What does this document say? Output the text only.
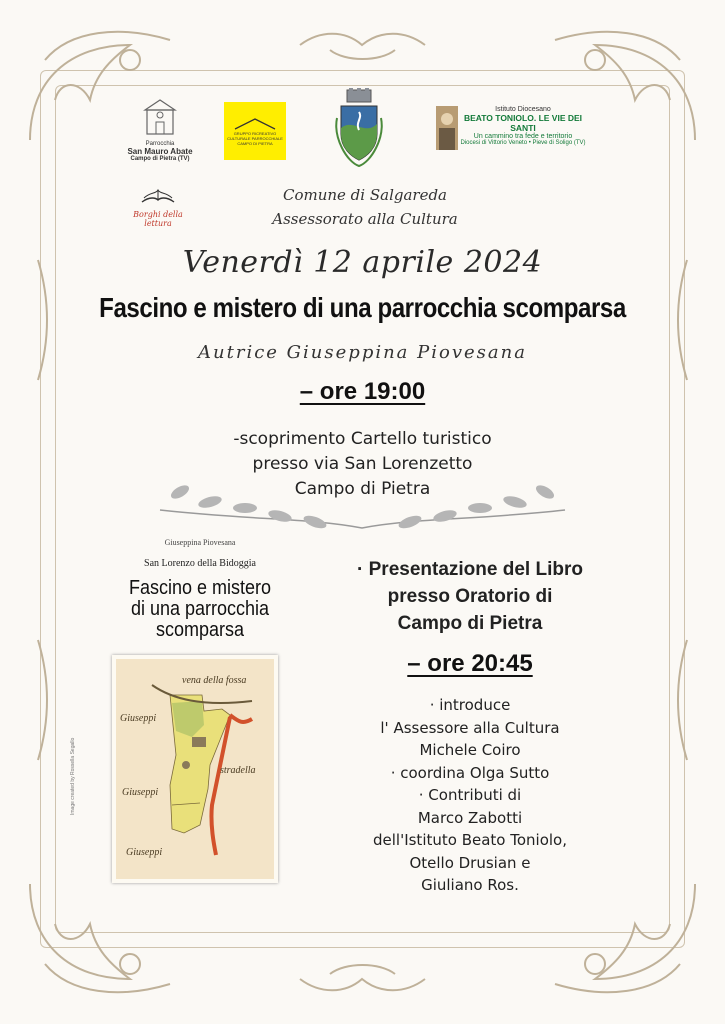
Parrocchia
San Mauro Abate
Campo di Pietra (TV)
GRUPPO RICREATIVO
CULTURALE PARROCCHIALE
CAMPO DI PIETRA
Istituto Diocesano
BEATO TONIOLO. LE VIE DEI SANTI
Un cammino tra fede e territorio
Diocesi di Vittorio Veneto • Pieve di Soligo (TV)
Borghi della lettura
Comune di Salgareda
Assessorato alla Cultura
Venerdì 12 aprile 2024
Fascino e mistero di una parrocchia scomparsa
Autrice Giuseppina Piovesana
– ore 19:00
-scoprimento Cartello turistico
presso via San Lorenzetto
Campo di Pietra
Giuseppina Piovesana
San Lorenzo della Bidoggia
Fascino e mistero
di una parrocchia
scomparsa
vena della fossa
Giuseppi
Giuseppi
stradella
Giuseppi
Image created by Rossella Segallo
· Presentazione del Libro
presso Oratorio di
Campo di Pietra
– ore 20:45
· introduce
l' Assessore alla Cultura
Michele Coiro
· coordina Olga Sutto
· Contributi di
Marco Zabotti
dell'Istituto Beato Toniolo,
Otello Drusian e
Giuliano Ros.
